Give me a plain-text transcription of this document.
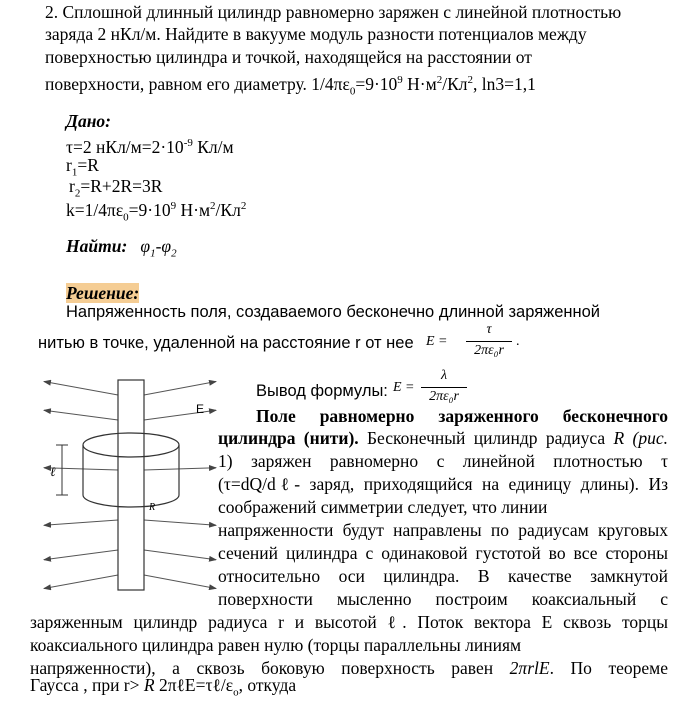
2. Сплошной длинный цилиндр равномерно заряжен с линейной плотностью
заряда 2 нКл/м. Найдите в вакууме модуль разности потенциалов между
поверхностью цилиндра и точкой, находящейся на расстоянии от
поверхности, равном его диаметру. $1/4\pi\varepsilon_0=9\cdot 10^9$ $Н\cdot м^2/Кл^2$, ln3=1,1
Дано:
τ=2 нКл/$м=2\cdot 10^{-9}$ Кл/м
$r_1=R$
$r_2=R+2R=3R$
$k=1/4\pi\varepsilon_0=9\cdot 10^9$ $Н\cdot м^2/Кл^2$
Найти: $\varphi_1-\varphi_2$
Решение:
Напряженность поля, создаваемого бесконечно длинной заряженной
нитью в точке, удаленной на расстояние r от нее E =
τ
2πε₀r
.
Вывод формулы: E =
λ
2πε₀r
ℓ
E
R
Поле равномерно заряженного бесконечного
цилиндра (нити). Бесконечный цилиндр радиуса R (рис.
1) заряжен равномерно с линейной плотностью τ
(τ=dQ/dℓ- заряд, приходящийся на единицу длины). Из
соображений симметрии следует, что линии
напряженности будут направлены по радиусам круговых
сечений цилиндра с одинаковой густотой во все стороны
относительно оси цилиндра. В качестве замкнутой
поверхности мысленно построим коаксиальный с
заряженным цилиндр радиуса r и высотой ℓ. Поток вектора E сквозь торцы
коаксиального цилиндра равен нулю (торцы параллельны линиям
напряженности), а сквозь боковую поверхность равен 2πrlE. По теореме
Гаусса , при r> R $2\pi\ell E=\tau\ell/\varepsilon_o$, откуда
